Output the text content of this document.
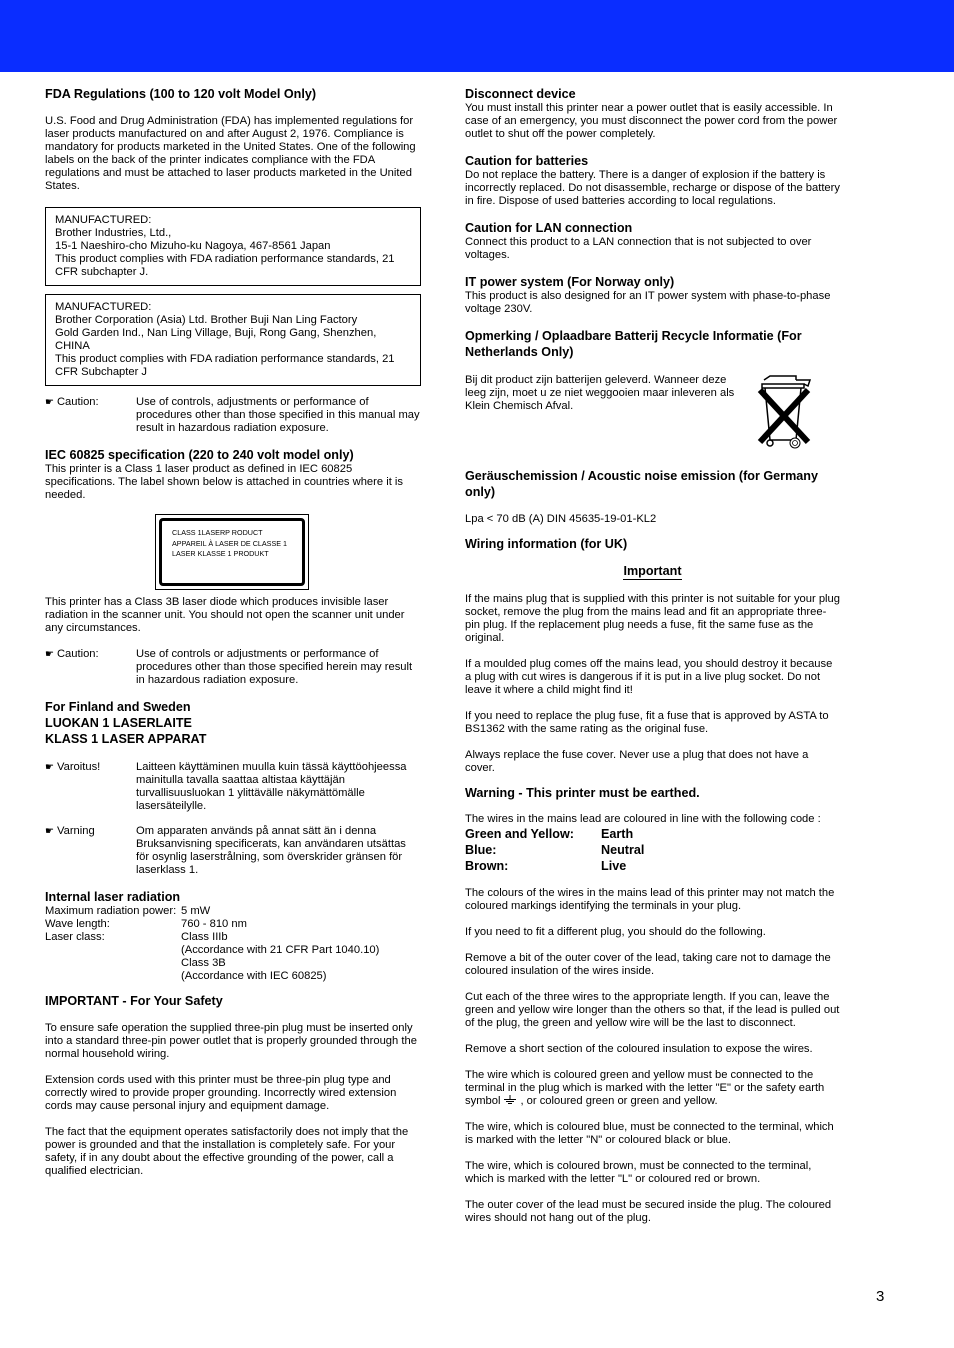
FDA Regulations (100 to 120 volt Model Only)

U.S. Food and Drug Administration (FDA) has implemented regulations for laser products manufactured on and after August 2, 1976. Compliance is mandatory for products marketed in the United States. One of the following labels on the back of the printer indicates compliance with the FDA regulations and must be attached to laser products marketed in the United States.

MANUFACTURED:

Brother Industries, Ltd.,

15-1 Naeshiro-cho Mizuho-ku Nagoya, 467-8561 Japan

This product complies with FDA radiation performance standards, 21 CFR subchapter J.

MANUFACTURED:

Brother Corporation (Asia) Ltd. Brother Buji Nan Ling Factory

Gold Garden Ind., Nan Ling Village, Buji, Rong Gang, Shenzhen, CHINA

This product complies with FDA radiation performance standards, 21 CFR Subchapter J

☛ Caution:	Use of controls, adjustments or performance of procedures other than those specified in this manual may result in hazardous radiation exposure.
IEC 60825 specification (220 to 240 volt model only)

This printer is a Class 1 laser product as defined in IEC 60825 specifications. The label shown below is attached in countries where it is needed.

CLASS 1LASERP RODUCT
APPAREIL À LASER DE CLASSE 1
LASER KLASSE 1 PRODUKT

This printer has a Class 3B laser diode which produces invisible laser radiation in the scanner unit. You should not open the scanner unit under any circumstances.

☛ Caution:	Use of controls or adjustments or performance of procedures other than those specified herein may result in hazardous radiation exposure.
For Finland and Sweden
LUOKAN 1 LASERLAITE
KLASS 1 LASER APPARAT
☛ Varoitus!	Laitteen käyttäminen muulla kuin tässä käyttöohjeessa mainitulla tavalla saattaa altistaa käyttäjän turvallisuusluokan 1 ylittävälle näkymättömälle lasersäteilylle.
☛ Varning	Om apparaten används på annat sätt än i denna Bruksanvisning specificerats, kan användaren utsättas för osynlig laserstrålning, som överskrider gränsen för laserklass 1.
Internal laser radiation
Maximum radiation power: 5 mW
Wave length:	760 - 810 nm
Laser class:	Class IIIb
(Accordance with 21 CFR Part 1040.10)
Class 3B
(Accordance with IEC 60825)
IMPORTANT - For Your Safety

To ensure safe operation the supplied three-pin plug must be inserted only into a standard three-pin power outlet that is properly grounded through the normal household wiring.

Extension cords used with this printer must be three-pin plug type and correctly wired to provide proper grounding. Incorrectly wired extension cords may cause personal injury and equipment damage.

The fact that the equipment operates satisfactorily does not imply that the power is grounded and that the installation is completely safe. For your safety, if in any doubt about the effective grounding of the power, call a qualified electrician.

Disconnect device

You must install this printer near a power outlet that is easily accessible. In case of an emergency, you must disconnect the power cord from the power outlet to shut off the power completely.

Caution for batteries

Do not replace the battery. There is a danger of explosion if the battery is incorrectly replaced. Do not disassemble, recharge or dispose of the battery in fire. Dispose of used batteries according to local regulations.

Caution for LAN connection

Connect this product to a LAN connection that is not subjected to over voltages.

IT power system (For Norway only)

This product is also designed for an IT power system with phase-to-phase voltage 230V.

Opmerking / Oplaadbare Batterij Recycle Informatie (For Netherlands Only)

Bij dit product zijn batterijen geleverd. Wanneer deze leeg zijn, moet u ze niet weggooien maar inleveren als Klein Chemisch Afval.

Geräuschemission / Acoustic noise emission (for Germany only)

Lpa < 70 dB (A) DIN 45635-19-01-KL2

Wiring information (for UK)
Important

If the mains plug that is supplied with this printer is not suitable for your plug socket, remove the plug from the mains lead and fit an appropriate three-pin plug. If the replacement plug needs a fuse, fit the same fuse as the original.

If a moulded plug comes off the mains lead, you should destroy it because a plug with cut wires is dangerous if it is put in a live plug socket. Do not leave it where a child might find it!

If you need to replace the plug fuse, fit a fuse that is approved by ASTA to BS1362 with the same rating as the original fuse.

Always replace the fuse cover. Never use a plug that does not have a cover.

Warning - This printer must be earthed.

The wires in the mains lead are coloured in line with the following code :

Green and Yellow:	Earth
Blue:	Neutral
Brown:	Live

The colours of the wires in the mains lead of this printer may not match the coloured markings identifying the terminals in your plug.

If you need to fit a different plug, you should do the following.

Remove a bit of the outer cover of the lead, taking care not to damage the coloured insulation of the wires inside.

Cut each of the three wires to the appropriate length. If you can, leave the green and yellow wire longer than the others so that, if the lead is pulled out of the plug, the green and yellow wire will be the last to disconnect.

Remove a short section of the coloured insulation to expose the wires.

The wire which is coloured green and yellow must be connected to the terminal in the plug which is marked with the letter "E" or the safety earth symbol , or coloured green or green and yellow.

The wire, which is coloured blue, must be connected to the terminal, which is marked with the letter "N" or coloured black or blue.

The wire, which is coloured brown, must be connected to the terminal, which is marked with the letter "L" or coloured red or brown.

The outer cover of the lead must be secured inside the plug. The coloured wires should not hang out of the plug.

3
